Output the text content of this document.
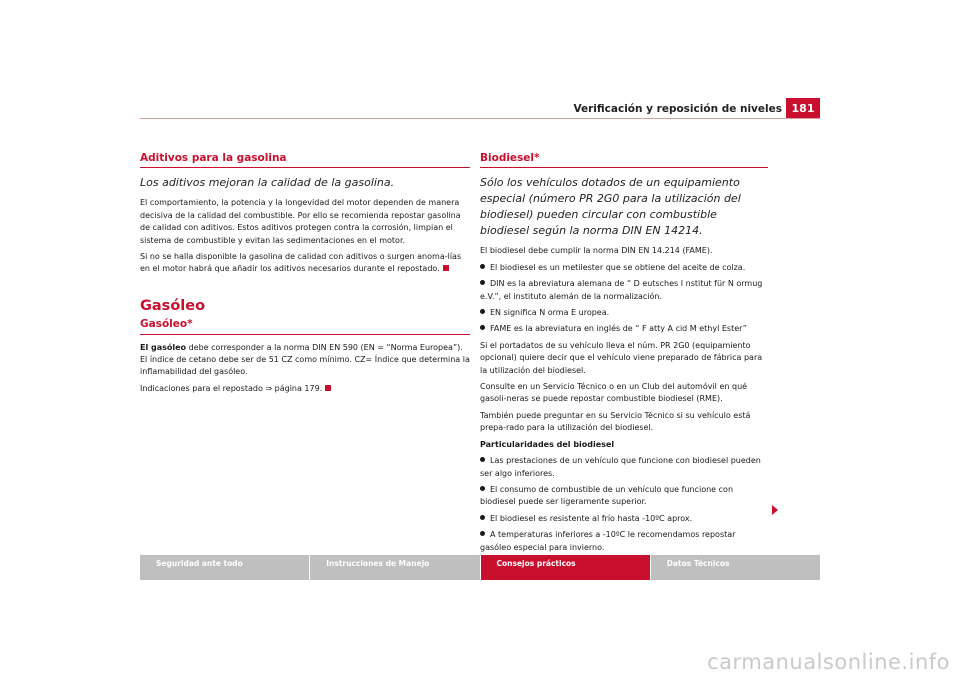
Verificación y reposición de niveles 181
Aditivos para la gasolina
Los aditivos mejoran la calidad de la gasolina.

El comportamiento, la potencia y la longevidad del motor dependen de manera decisiva de la calidad del combustible. Por ello se recomienda repostar gasolina de calidad con aditivos. Estos aditivos protegen contra la corrosión, limpian el sistema de combustible y evitan las sedimentaciones en el motor.

Si no se halla disponible la gasolina de calidad con aditivos o surgen anoma-lías en el motor habrá que añadir los aditivos necesarios durante el repostado.

Gasóleo
Gasóleo*

El gasóleo debe corresponder a la norma DIN EN 590 (EN = “Norma Europea”). El índice de cetano debe ser de 51 CZ como mínimo. CZ= Índice que determina la inflamabilidad del gasóleo.

Indicaciones para el repostado ⇒ página 179.

Biodiesel*
Sólo los vehículos dotados de un equipamiento especial (número PR 2G0 para la utilización del biodiesel) pueden circular con combustible biodiesel según la norma DIN EN 14214.

El biodiesel debe cumplir la norma DIN EN 14.214 (FAME).

El biodiesel es un metilester que se obtiene del aceite de colza.

DIN es la abreviatura alemana de “ D eutsches I nstitut für N ormug e.V.”, el instituto alemán de la normalización.

EN significa N orma E uropea.

FAME es la abreviatura en inglés de “ F atty A cid M ethyl Ester”

Si el portadatos de su vehículo lleva el núm. PR 2G0 (equipamiento opcional) quiere decir que el vehículo viene preparado de fábrica para la utilización del biodiesel.

Consulte en un Servicio Técnico o en un Club del automóvil en qué gasoli-neras se puede repostar combustible biodiesel (RME).

También puede preguntar en su Servicio Técnico si su vehículo está prepa-rado para la utilización del biodiesel.

Particularidades del biodiesel

Las prestaciones de un vehículo que funcione con biodiesel pueden ser algo inferiores.

El consumo de combustible de un vehículo que funcione con biodiesel puede ser ligeramente superior.

El biodiesel es resistente al frío hasta -10ºC aprox.

A temperaturas inferiores a -10ºC le recomendamos repostar gasóleo especial para invierno.

Seguridad ante todo	Instrucciones de Manejo	Consejos prácticos	Datos Técnicos
carmanualsonline.info
